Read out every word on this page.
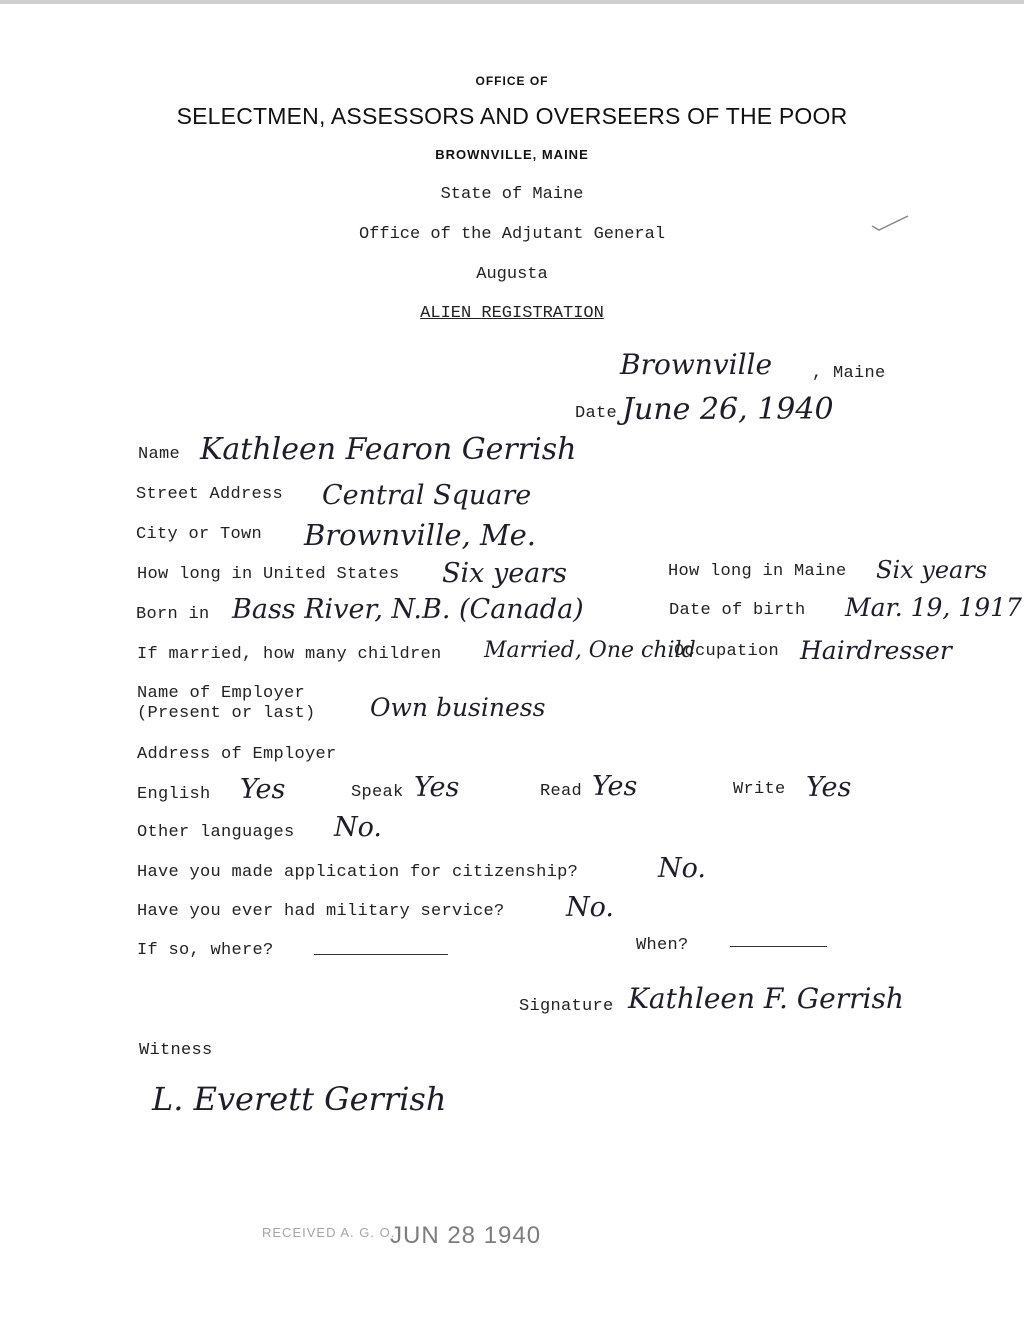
OFFICE OF
SELECTMEN, ASSESSORS AND OVERSEERS OF THE POOR
BROWNVILLE, MAINE
State of Maine
Office of the Adjutant General
Augusta
ALIEN REGISTRATION
Brownville , Maine
Date June 26, 1940
Name Kathleen Fearon Gerrish
Street Address Central Square
City or Town Brownville, Me.
How long in United States Six years	How long in Maine Six years
Born in Bass River, N.B. (Canada)	Date of birth Mar. 19, 1917
If married, how many children Married, One child
Occupation Hairdresser
Name of Employer
(Present or last) Own business
Address of Employer
English Yes	Speak Yes	Read Yes	Write Yes
Other languages No.
Have you made application for citizenship?	No.
Have you ever had military service? No.
If so, where?	When?
Signature Kathleen F. Gerrish
Witness
L. Everett Gerrish
RECEIVED A. G. O.
JUN 28 1940
